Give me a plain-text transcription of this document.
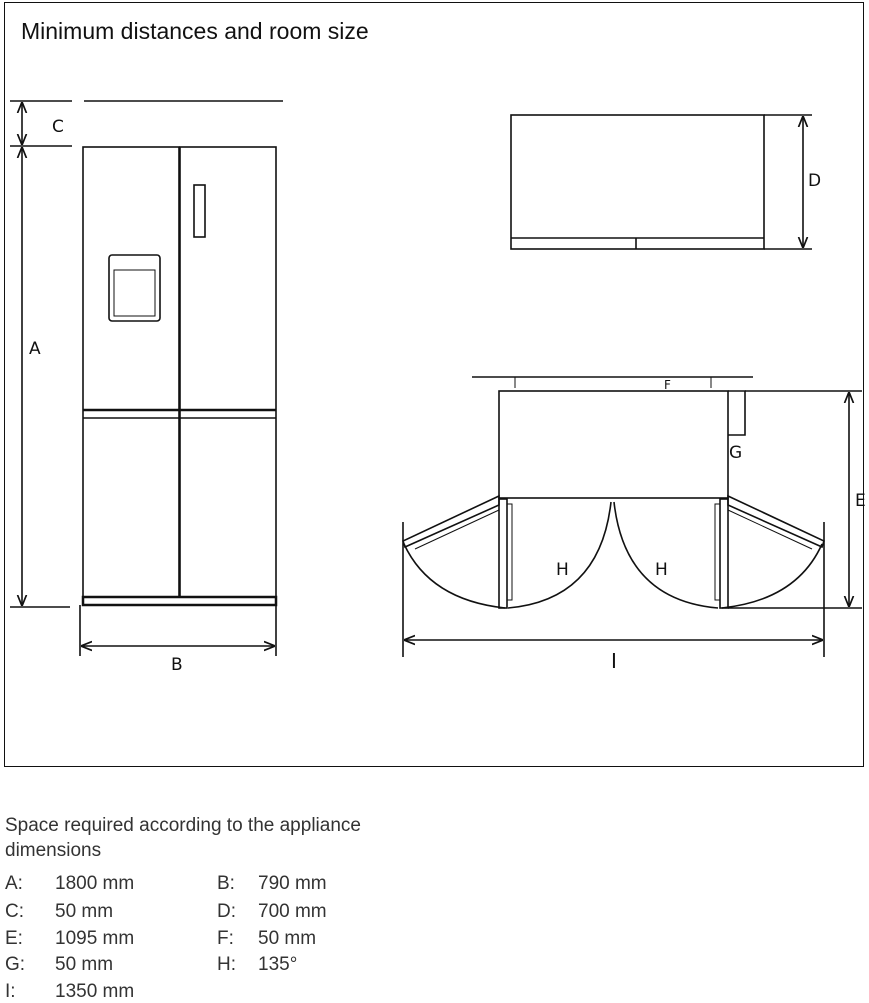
Minimum distances and room size
C
A
B
D
F
G
E
H	H
I
Space required according to the appliance dimensions
A: 1800 mm	B: 790 mm
C: 50 mm	D: 700 mm
E: 1095 mm	F: 50 mm
G: 50 mm	H: 135°
I: 1350 mm
